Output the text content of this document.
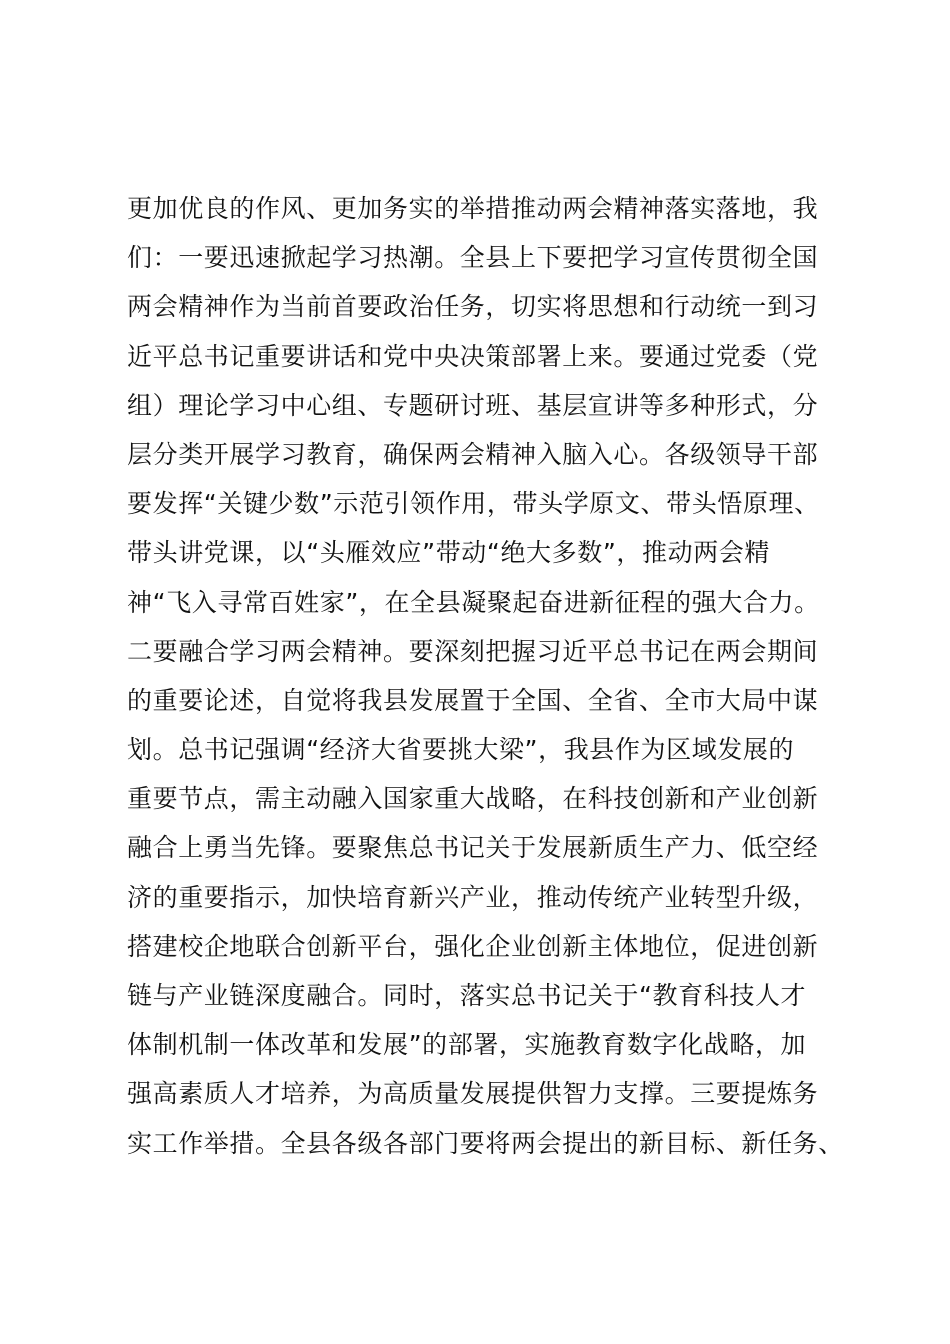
更加优良的作风、更加务实的举措推动两会精神落实落地，我
们：一要迅速掀起学习热潮。全县上下要把学习宣传贯彻全国
两会精神作为当前首要政治任务，切实将思想和行动统一到习
近平总书记重要讲话和党中央决策部署上来。要通过党委（党
组）理论学习中心组、专题研讨班、基层宣讲等多种形式，分
层分类开展学习教育，确保两会精神入脑入心。各级领导干部
要发挥“关键少数”示范引领作用，带头学原文、带头悟原理、
带头讲党课，以“头雁效应”带动“绝大多数”，推动两会精
神“飞入寻常百姓家”，在全县凝聚起奋进新征程的强大合力。
二要融合学习两会精神。要深刻把握习近平总书记在两会期间
的重要论述，自觉将我县发展置于全国、全省、全市大局中谋
划。总书记强调“经济大省要挑大梁”，我县作为区域发展的
重要节点，需主动融入国家重大战略，在科技创新和产业创新
融合上勇当先锋。要聚焦总书记关于发展新质生产力、低空经
济的重要指示，加快培育新兴产业，推动传统产业转型升级，
搭建校企地联合创新平台，强化企业创新主体地位，促进创新
链与产业链深度融合。同时，落实总书记关于“教育科技人才
体制机制一体改革和发展”的部署，实施教育数字化战略，加
强高素质人才培养，为高质量发展提供智力支撑。三要提炼务
实工作举措。全县各级各部门要将两会提出的新目标、新任务、
